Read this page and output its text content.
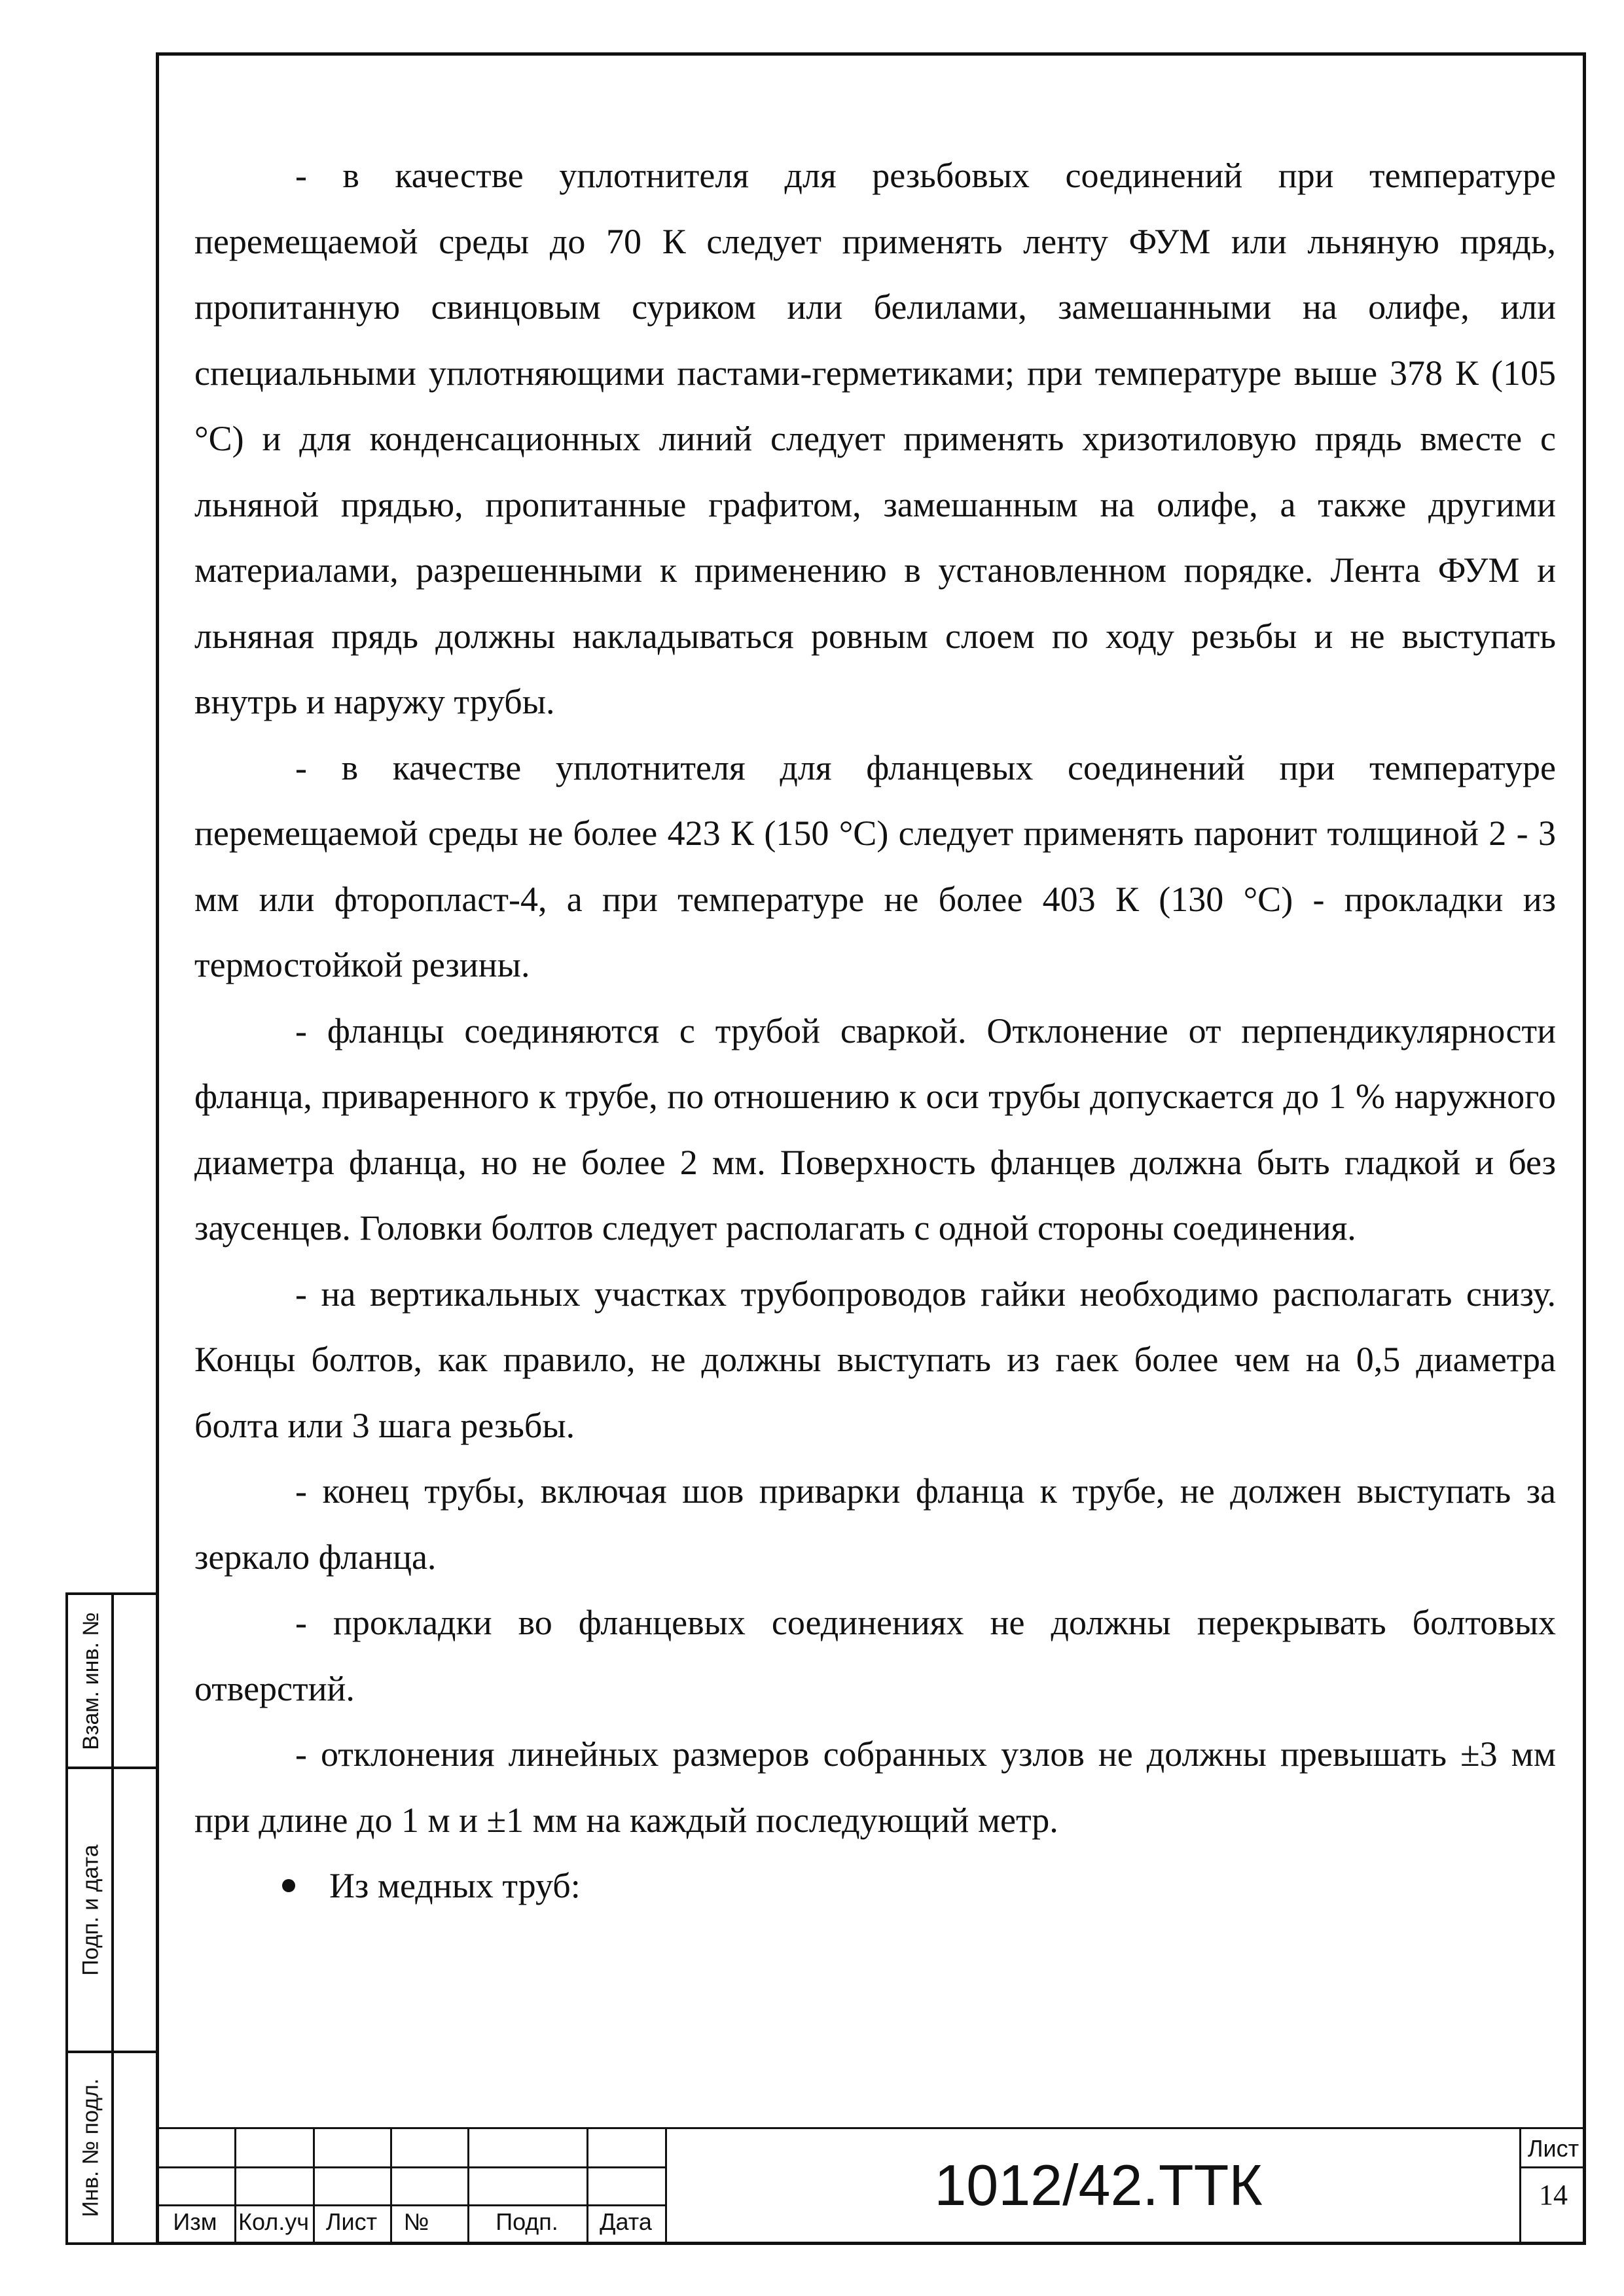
- в качестве уплотнителя для резьбовых соединений при температуре перемещаемой среды до 70 К следует применять ленту ФУМ или льняную прядь, пропитанную свинцовым суриком или белилами, замешанными на олифе, или специальными уплотняющими пастами-герметиками; при температуре выше 378 К (105 °С) и для конденсационных линий следует применять хризотиловую прядь вместе с льняной прядью, пропитанные графитом, замешанным на олифе, а также другими материалами, разрешенными к применению в установленном порядке. Лента ФУМ и льняная прядь должны накладываться ровным слоем по ходу резьбы и не выступать внутрь и наружу трубы.

- в качестве уплотнителя для фланцевых соединений при температуре перемещаемой среды не более 423 К (150 °С) следует применять паронит толщиной 2 - 3 мм или фторопласт-4, а при температуре не более 403 К (130 °С) - прокладки из термостойкой резины.

- фланцы соединяются с трубой сваркой. Отклонение от перпендикулярности фланца, приваренного к трубе, по отношению к оси трубы допускается до 1 % наружного диаметра фланца, но не более 2 мм. Поверхность фланцев должна быть гладкой и без заусенцев. Головки болтов следует располагать с одной стороны соединения.

- на вертикальных участках трубопроводов гайки необходимо располагать снизу. Концы болтов, как правило, не должны выступать из гаек более чем на 0,5 диаметра болта или 3 шага резьбы.

- конец трубы, включая шов приварки фланца к трубе, не должен выступать за зеркало фланца.

- прокладки во фланцевых соединениях не должны перекрывать болтовых отверстий.

- отклонения линейных размеров собранных узлов не должны превышать ±3 мм при длине до 1 м и ±1 мм на каждый последующий метр.

Из медных труб:
Взам. инв. №
Подп. и дата
Инв. № подл.
Изм Кол.уч Лист	№	Подп.	Дата
1012/42.ТТК
Лист
14
